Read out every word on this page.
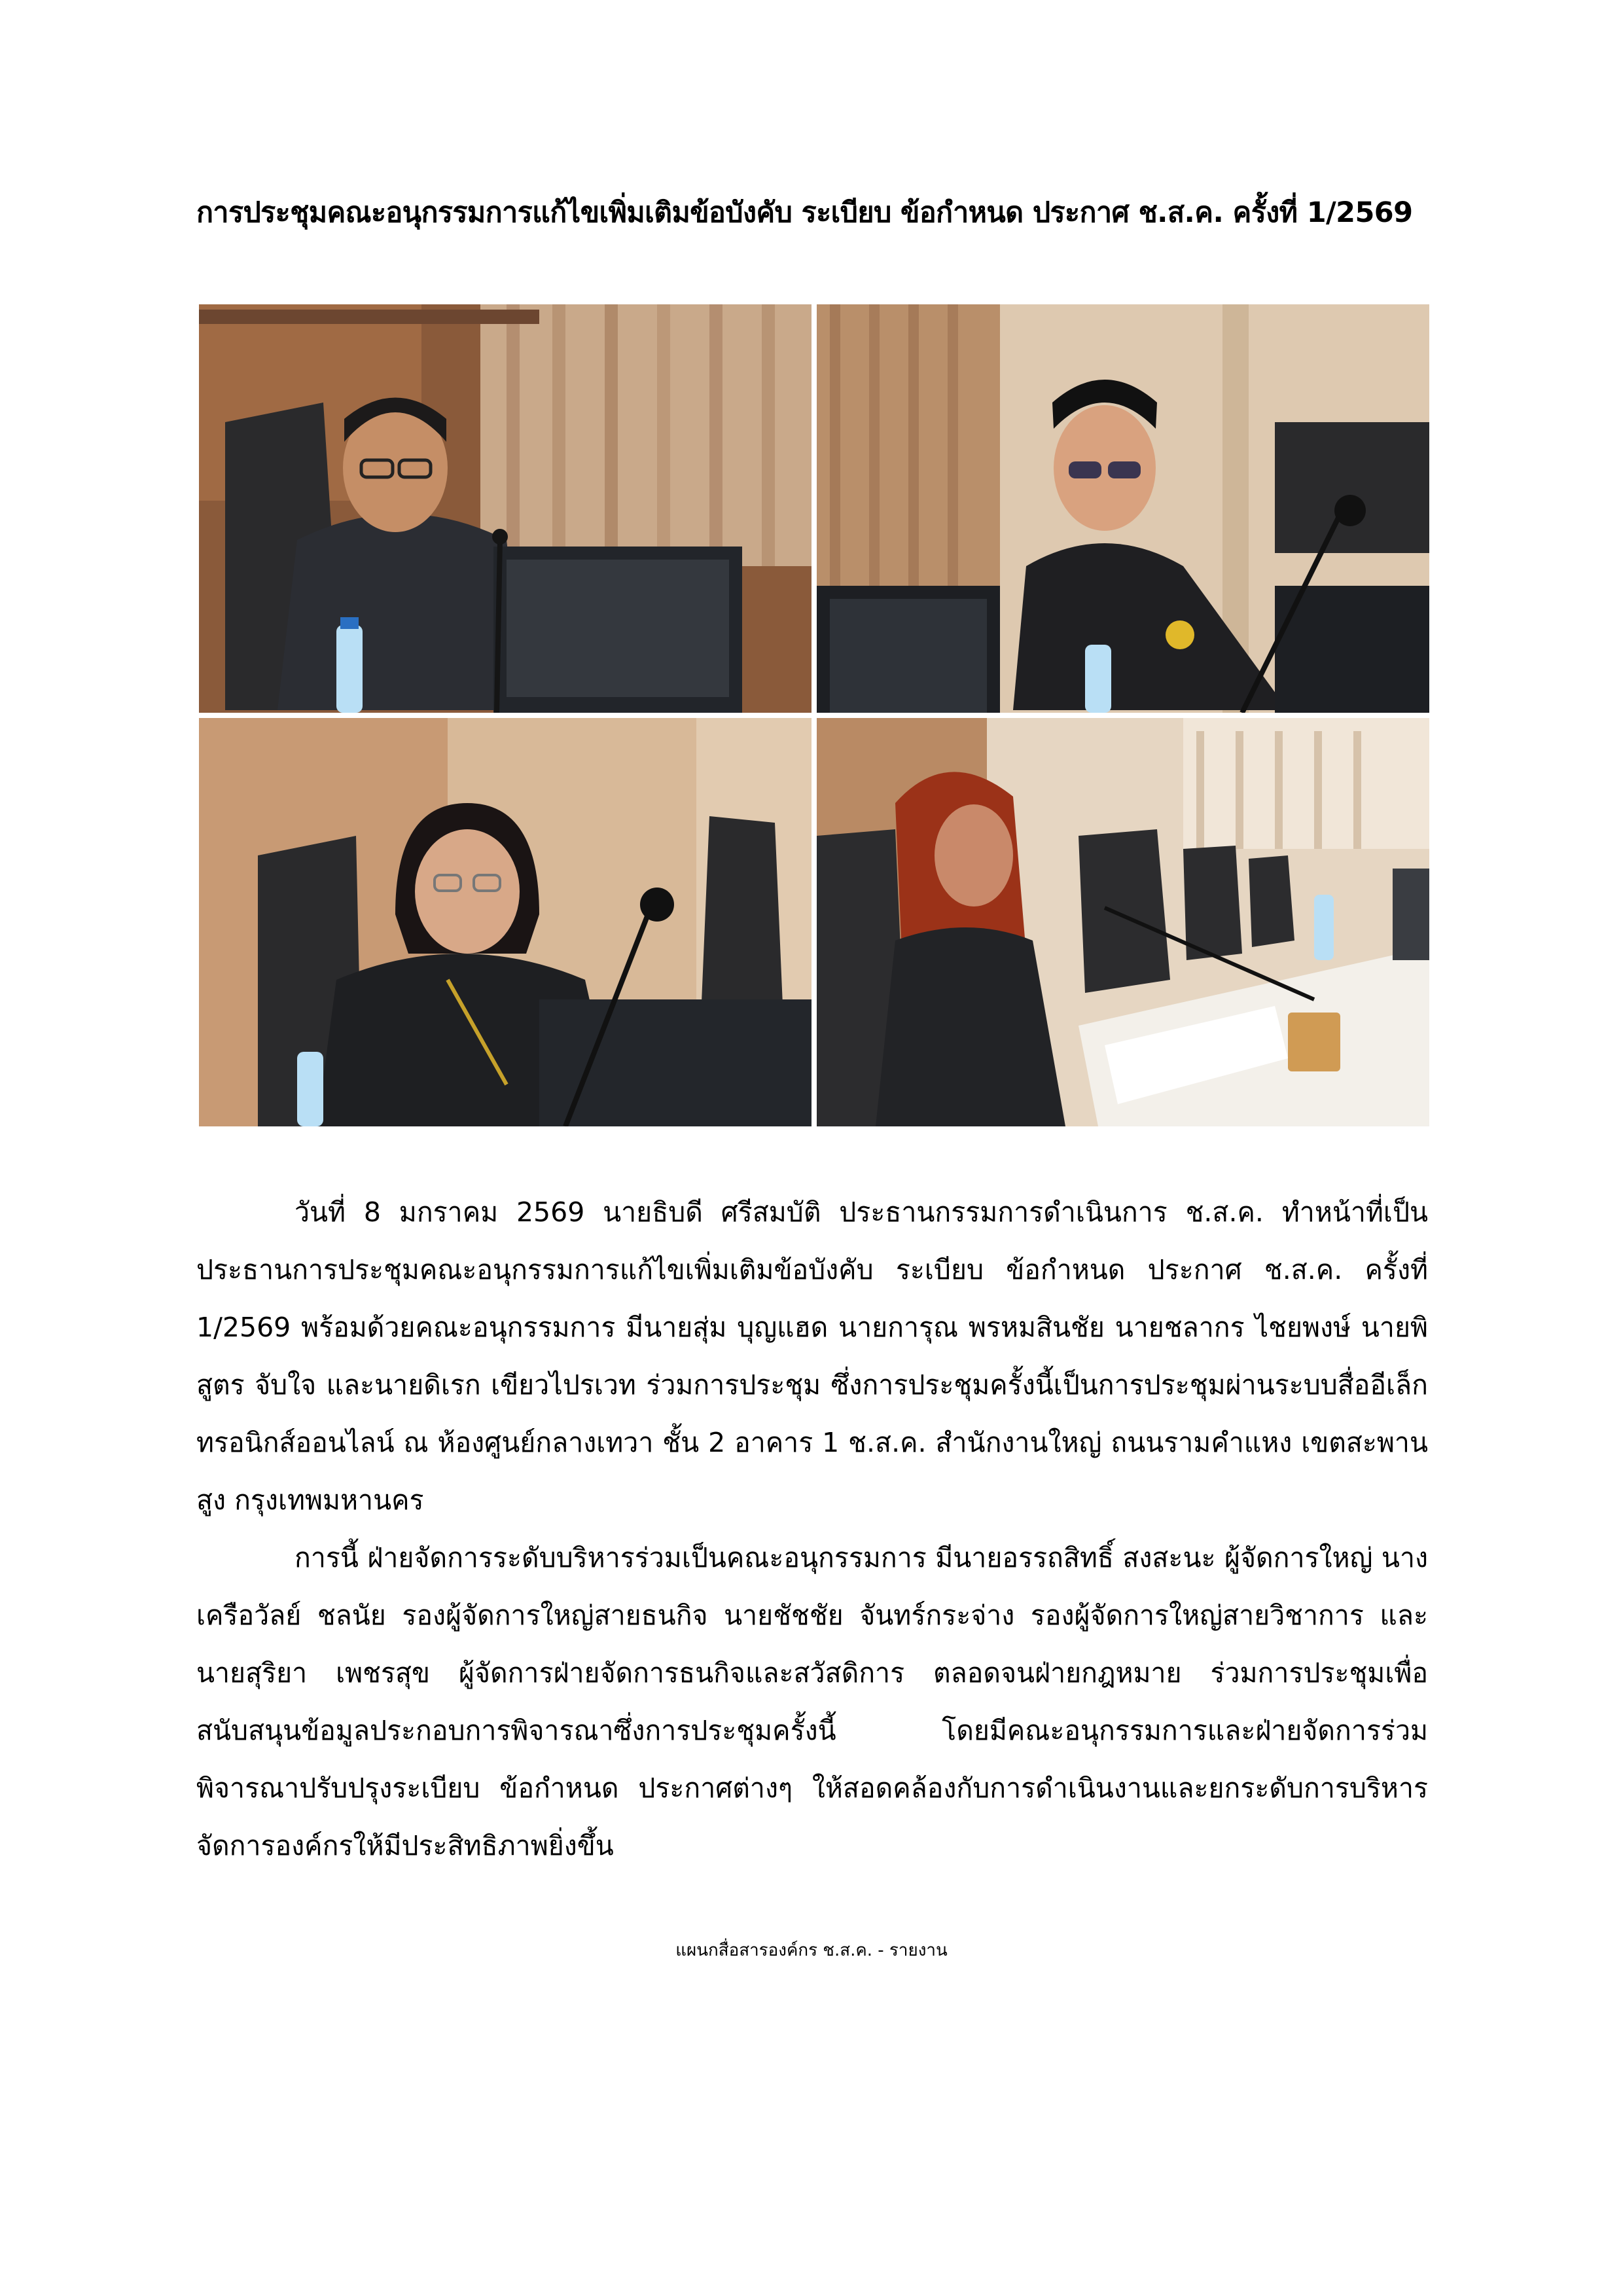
การประชุมคณะอนุกรรมการแก้ไขเพิ่มเติมข้อบังคับ ระเบียบ ข้อกำหนด ประกาศ ช.ส.ค. ครั้งที่ 1/2569

วันที่ 8 มกราคม 2569 นายธิบดี ศรีสมบัติ ประธานกรรมการดำเนินการ ช.ส.ค. ทำหน้าที่เป็นประธานการประชุมคณะอนุกรรมการแก้ไขเพิ่มเติมข้อบังคับ ระเบียบ ข้อกำหนด ประกาศ ช.ส.ค. ครั้งที่ 1/2569 พร้อมด้วยคณะอนุกรรมการ มีนายสุ่ม บุญแฮด นายการุณ พรหมสินชัย นายชลากร ไชยพงษ์ นายพิสูตร จับใจ และนายดิเรก เขียวไปรเวท ร่วมการประชุม ซึ่งการประชุมครั้งนี้เป็นการประชุมผ่านระบบสื่ออีเล็กทรอนิกส์ออนไลน์ ณ ห้องศูนย์กลางเทวา ชั้น 2 อาคาร 1 ช.ส.ค. สำนักงานใหญ่ ถนนรามคำแหง เขตสะพานสูง กรุงเทพมหานคร

การนี้ ฝ่ายจัดการระดับบริหารร่วมเป็นคณะอนุกรรมการ มีนายอรรถสิทธิ์ สงสะนะ ผู้จัดการใหญ่ นางเครือวัลย์ ชลนัย รองผู้จัดการใหญ่สายธนกิจ นายชัชชัย จันทร์กระจ่าง รองผู้จัดการใหญ่สายวิชาการ และนายสุริยา เพชรสุข ผู้จัดการฝ่ายจัดการธนกิจและสวัสดิการ ตลอดจนฝ่ายกฎหมาย ร่วมการประชุมเพื่อสนับสนุนข้อมูลประกอบการพิจารณาซึ่งการประชุมครั้งนี้ โดยมีคณะอนุกรรมการและฝ่ายจัดการร่วมพิจารณาปรับปรุงระเบียบ ข้อกำหนด ประกาศต่างๆ ให้สอดคล้องกับการดำเนินงานและยกระดับการบริหารจัดการองค์กรให้มีประสิทธิภาพยิ่งขึ้น

แผนกสื่อสารองค์กร ช.ส.ค. - รายงาน
